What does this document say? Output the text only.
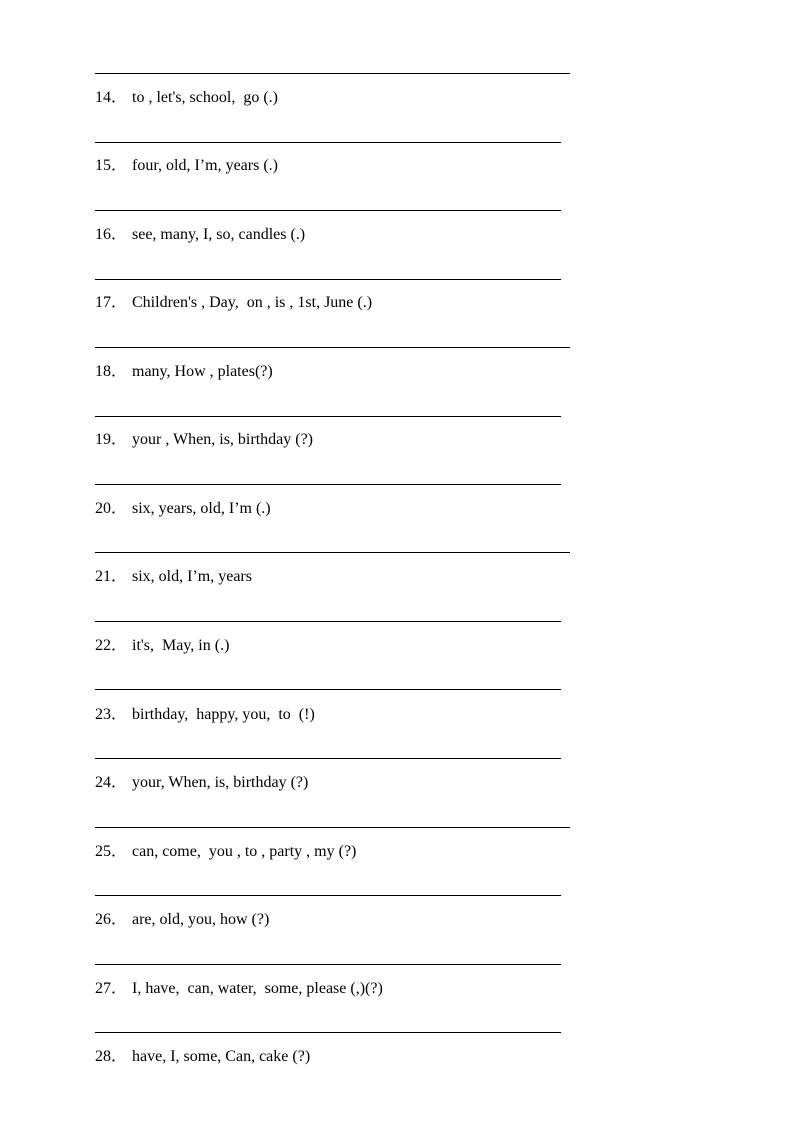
14． to , let's, school,  go (.)
15． four, old, I’m, years (.)
16． see, many, I, so, candles (.)
17． Children's , Day,  on , is , 1st, June (.)
18． many, How , plates(?)
19． your , When, is, birthday (?)
20． six, years, old, I’m (.)
21． six, old, I’m, years
22． it's,  May, in (.)
23． birthday,  happy, you,  to  (!)
24． your, When, is, birthday (?)
25． can, come,  you , to , party , my (?)
26． are, old, you, how (?)
27． I, have,  can, water,  some, please (,)(?)
28． have, I, some, Can, cake (?)
